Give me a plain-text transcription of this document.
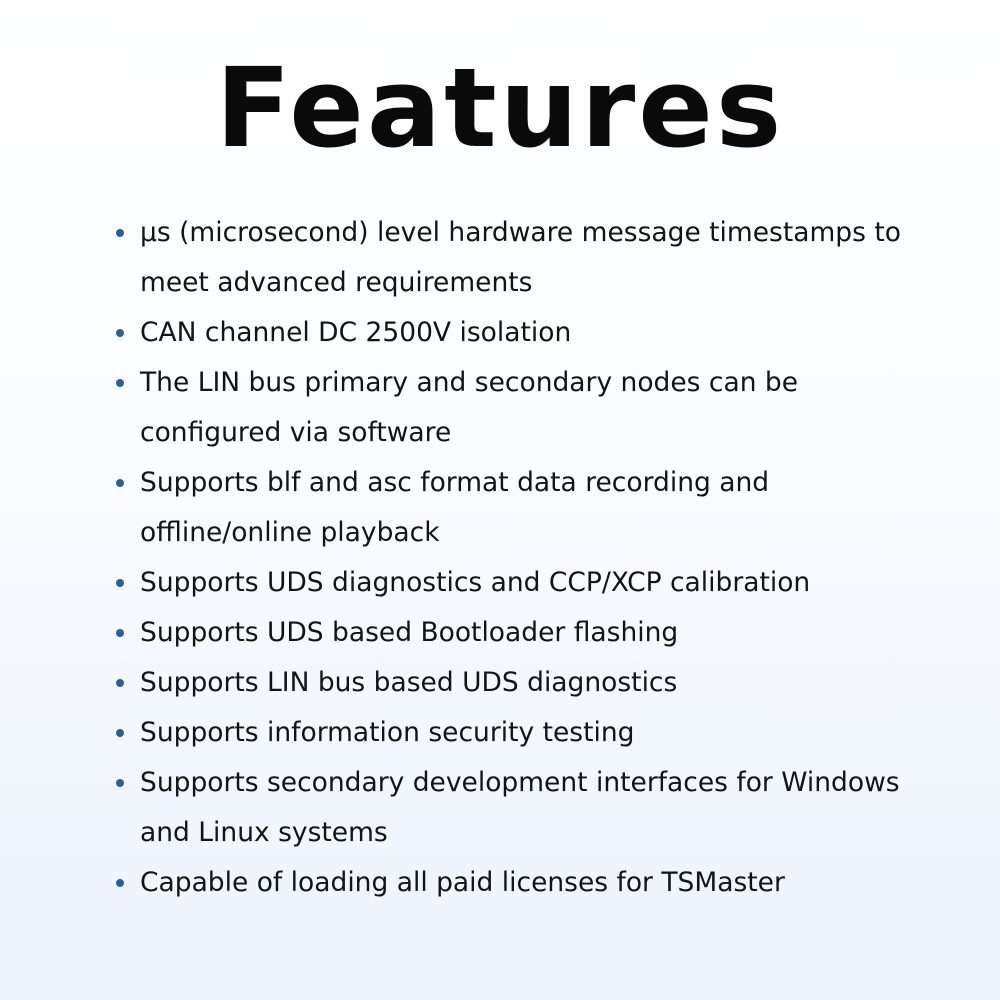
Features
μs (microsecond) level hardware message timestamps to meet advanced requirements
CAN channel DC 2500V isolation
The LIN bus primary and secondary nodes can be configured via software
Supports blf and asc format data recording and offline/online playback
Supports UDS diagnostics and CCP/XCP calibration
Supports UDS based Bootloader flashing
Supports LIN bus based UDS diagnostics
Supports information security testing
Supports secondary development interfaces for Windows and Linux systems
Capable of loading all paid licenses for TSMaster
